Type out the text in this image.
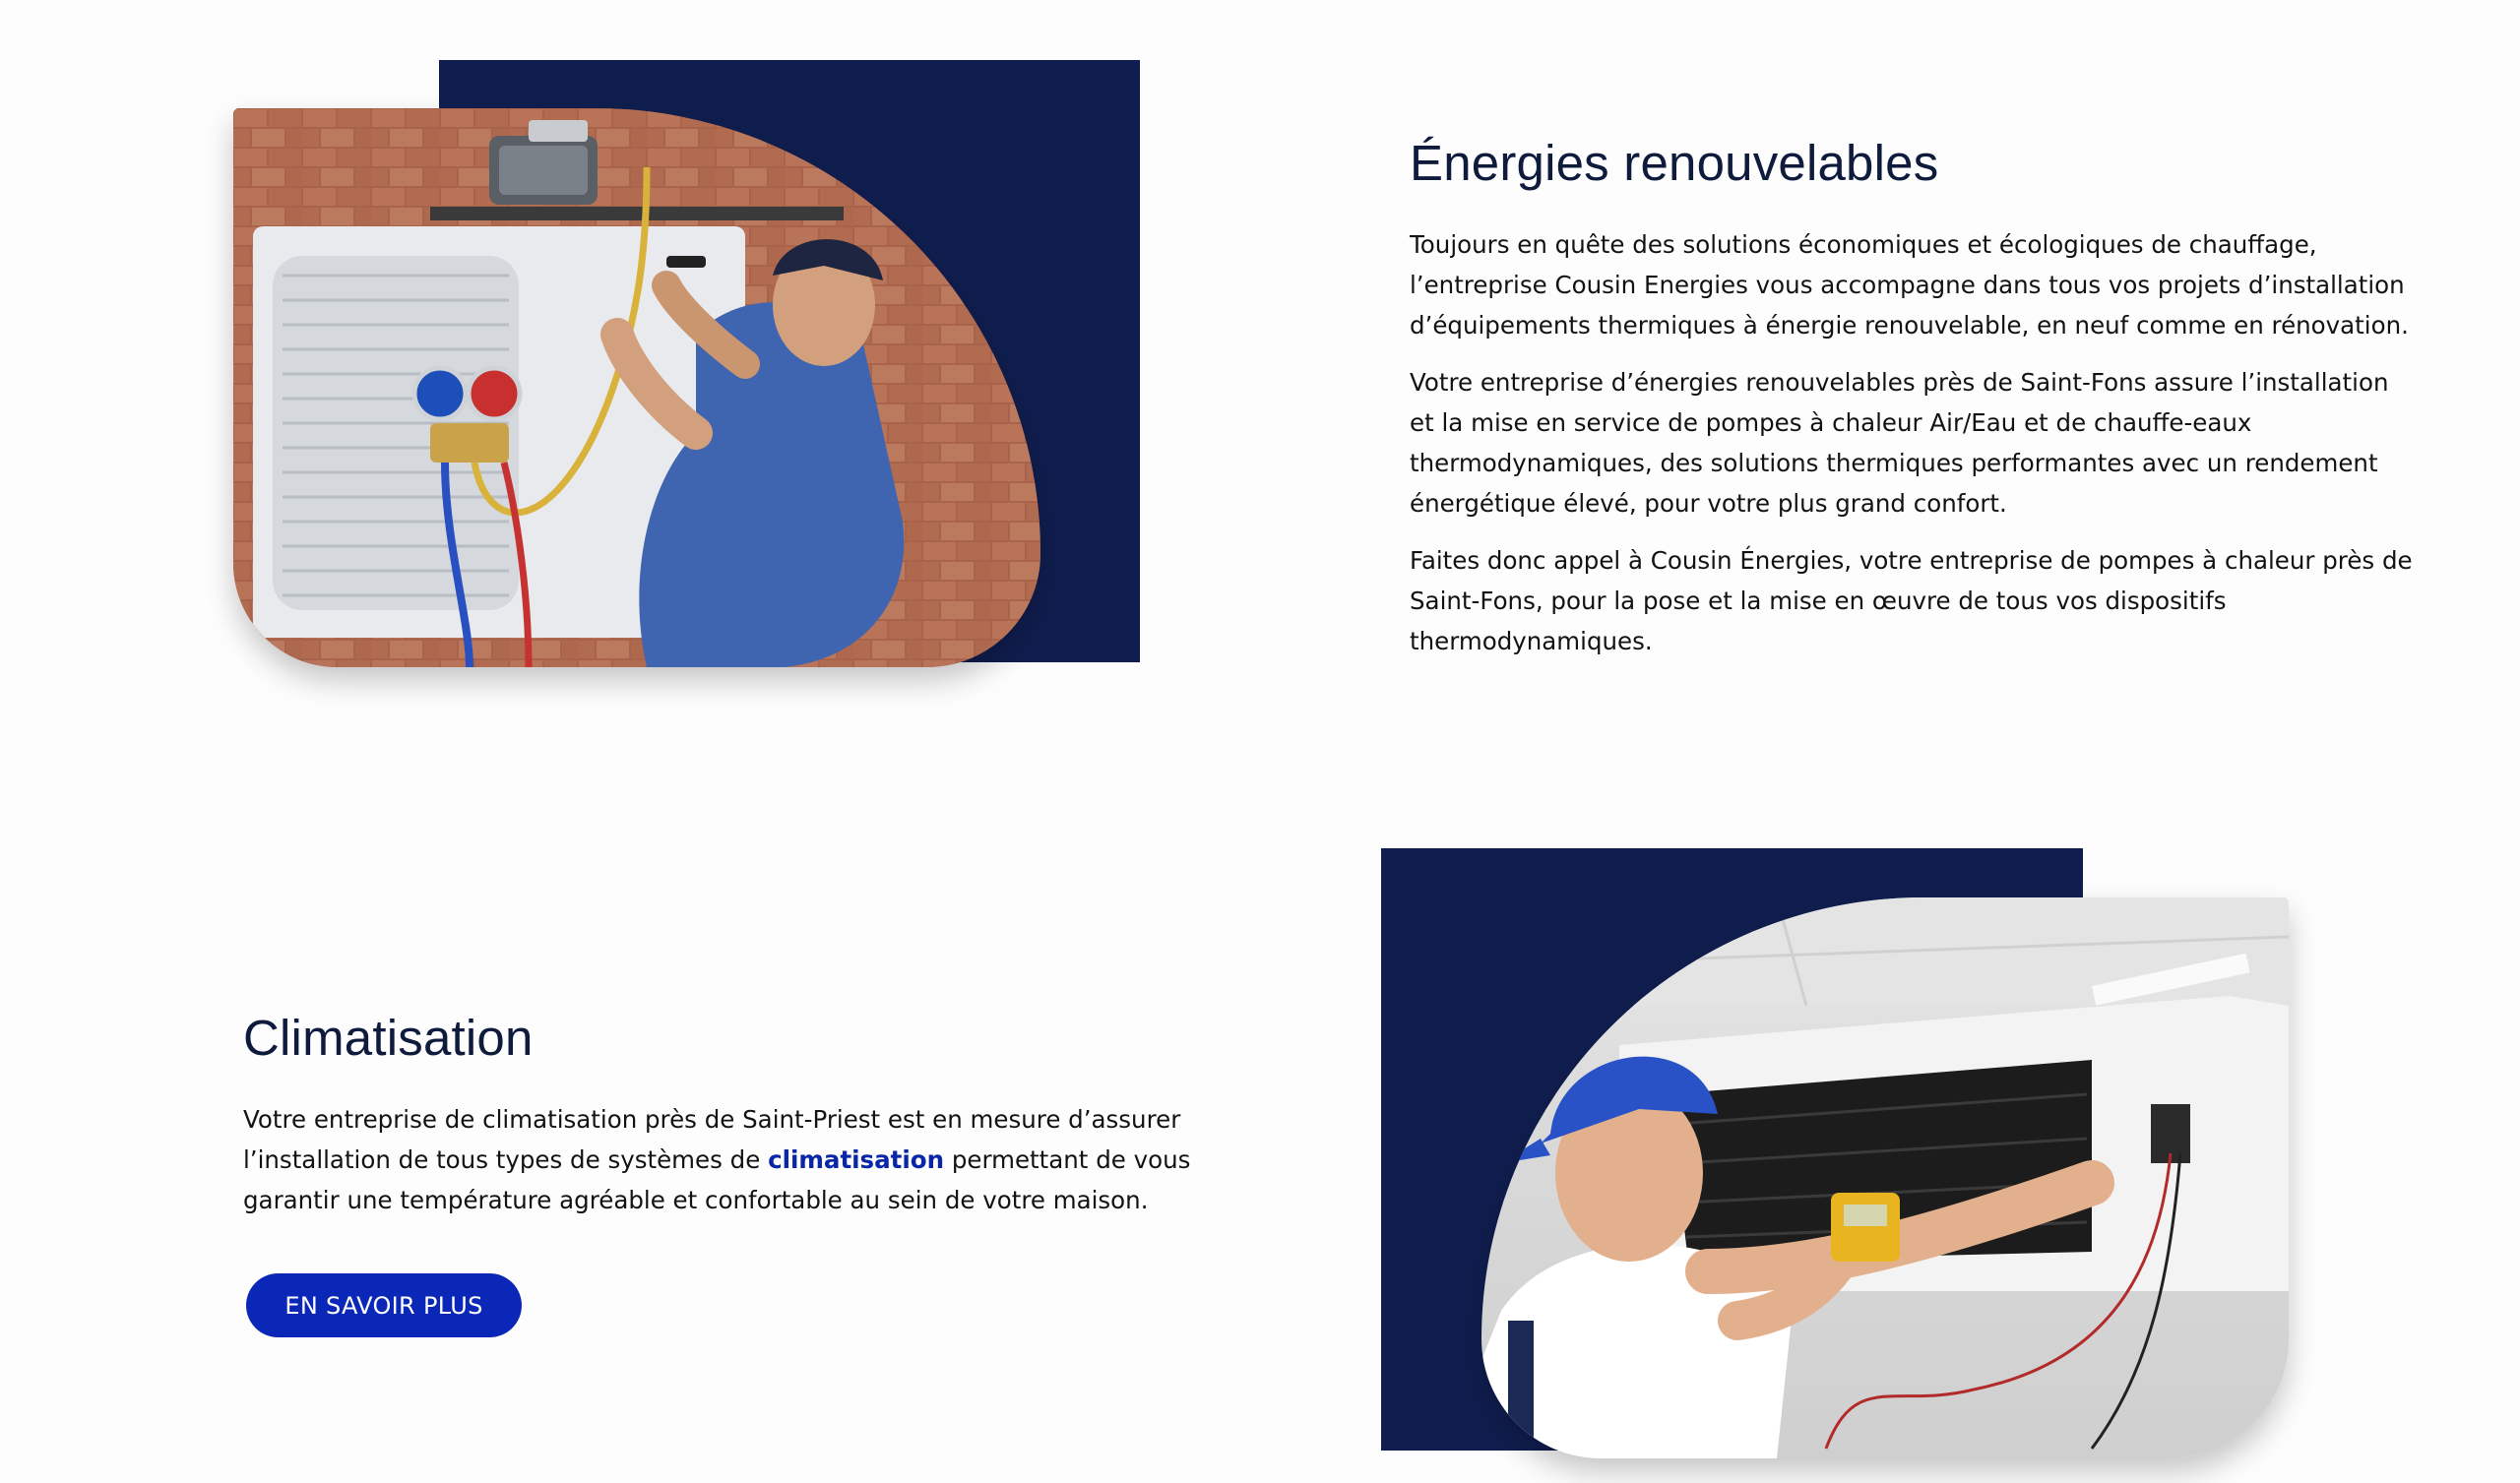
Énergies renouvelables

Toujours en quête des solutions économiques et écologiques de chauffage, l’entreprise Cousin Energies vous accompagne dans tous vos projets d’installation d’équipements thermiques à énergie renouvelable, en neuf comme en rénovation.

Votre entreprise d’énergies renouvelables près de Saint-Fons assure l’installation et la mise en service de pompes à chaleur Air/Eau et de chauffe-eaux thermodynamiques, des solutions thermiques performantes avec un rendement énergétique élevé, pour votre plus grand confort.

Faites donc appel à Cousin Énergies, votre entreprise de pompes à chaleur près de Saint-Fons, pour la pose et la mise en œuvre de tous vos dispositifs thermodynamiques.

Climatisation

Votre entreprise de climatisation près de Saint-Priest est en mesure d’assurer l’installation de tous types de systèmes de climatisation permettant de vous garantir une température agréable et confortable au sein de votre maison.

EN SAVOIR PLUS
